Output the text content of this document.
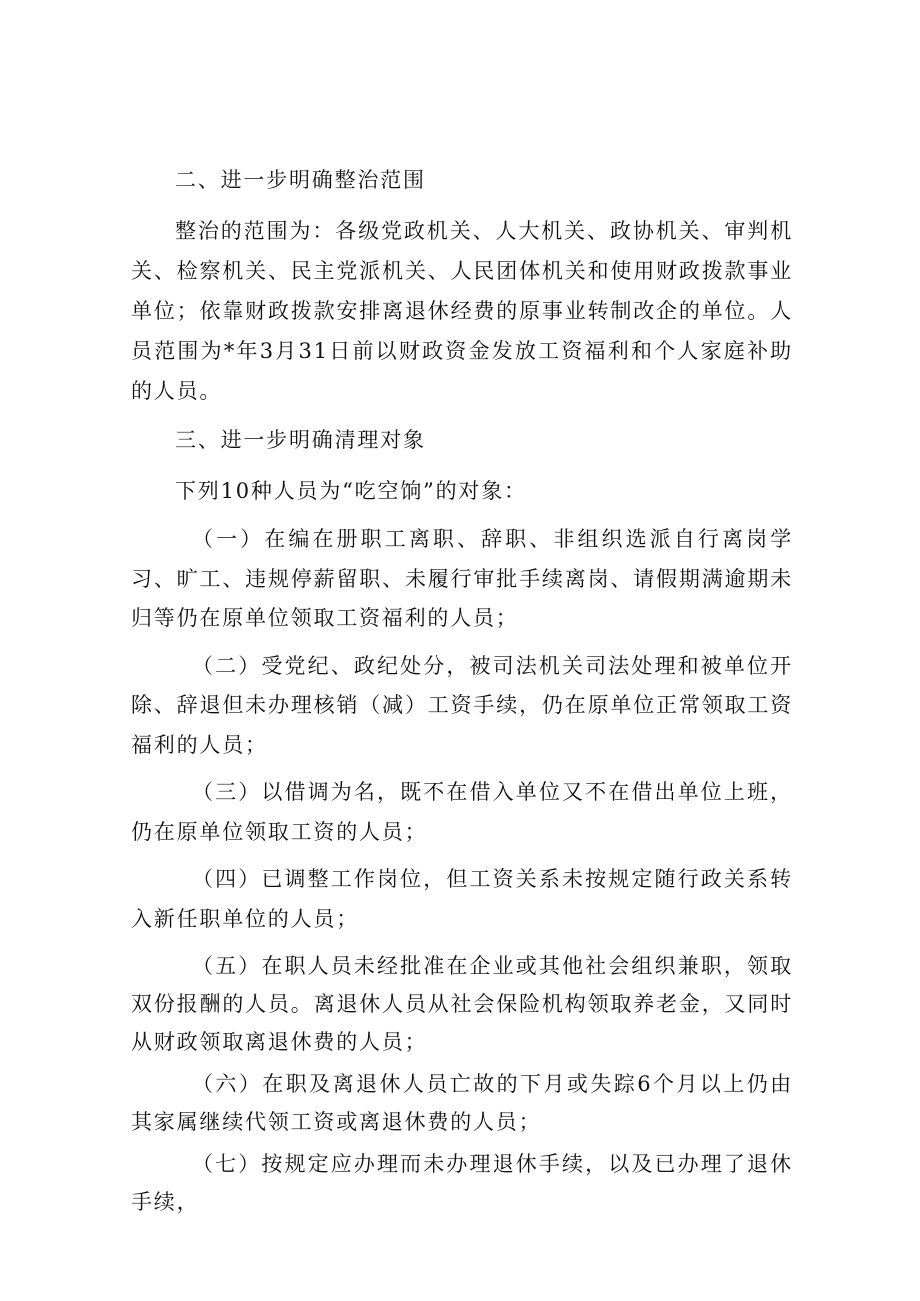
二、进一步明确整治范围

整治的范围为：各级党政机关、人大机关、政协机关、审判机关、检察机关、民主党派机关、人民团体机关和使用财政拨款事业单位；依靠财政拨款安排离退休经费的原事业转制改企的单位。人员范围为*年3月31日前以财政资金发放工资福利和个人家庭补助的人员。

三、进一步明确清理对象

下列10种人员为“吃空饷”的对象：

（一）在编在册职工离职、辞职、非组织选派自行离岗学习、旷工、违规停薪留职、未履行审批手续离岗、请假期满逾期未归等仍在原单位领取工资福利的人员；

（二）受党纪、政纪处分，被司法机关司法处理和被单位开除、辞退但未办理核销（减）工资手续，仍在原单位正常领取工资福利的人员；

（三）以借调为名，既不在借入单位又不在借出单位上班，仍在原单位领取工资的人员；

（四）已调整工作岗位，但工资关系未按规定随行政关系转入新任职单位的人员；

（五）在职人员未经批准在企业或其他社会组织兼职，领取双份报酬的人员。离退休人员从社会保险机构领取养老金，又同时从财政领取离退休费的人员；

（六）在职及离退休人员亡故的下月或失踪6个月以上仍由其家属继续代领工资或离退休费的人员；

（七）按规定应办理而未办理退休手续，以及已办理了退休手续，
